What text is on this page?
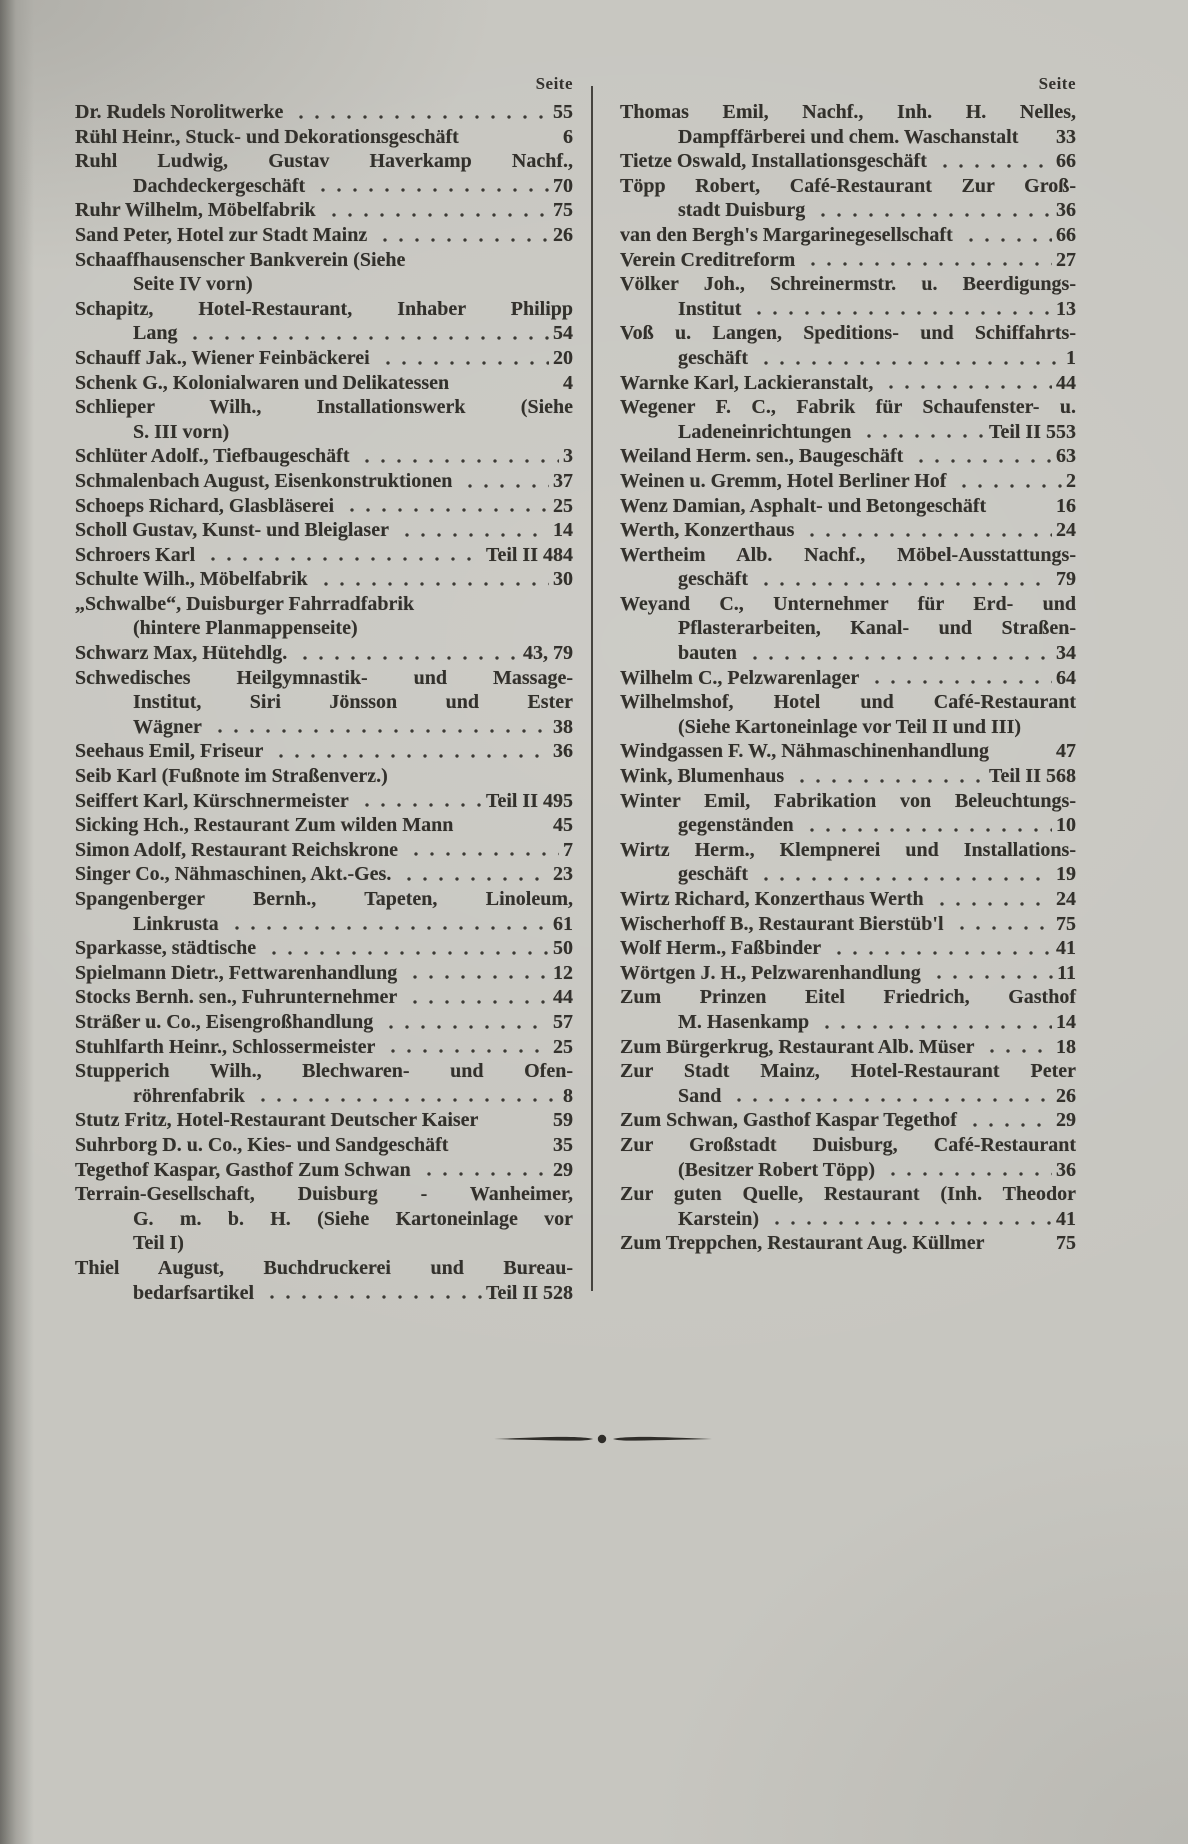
Seite	Seite
Dr. Rudels Norolitwerke	55
Rühl Heinr., Stuck- und Dekorationsgeschäft	6
Ruhl Ludwig, Gustav Haverkamp Nachf.,
Dachdeckergeschäft	70
Ruhr Wilhelm, Möbelfabrik	75
Sand Peter, Hotel zur Stadt Mainz	26
Schaaffhausenscher Bankverein (Siehe
Seite IV vorn)
Schapitz, Hotel-Restaurant, Inhaber Philipp
Lang	54
Schauff Jak., Wiener Feinbäckerei	20
Schenk G., Kolonialwaren und Delikatessen	4
Schlieper Wilh., Installationswerk (Siehe
S. III vorn)
Schlüter Adolf., Tiefbaugeschäft	3
Schmalenbach August, Eisenkonstruktionen	37
Schoeps Richard, Glasbläserei	25
Scholl Gustav, Kunst- und Bleiglaser	14
Schroers Karl	Teil II 484
Schulte Wilh., Möbelfabrik	30
„Schwalbe“, Duisburger Fahrradfabrik
(hintere Planmappenseite)
Schwarz Max, Hütehdlg.	43, 79
Schwedisches Heilgymnastik- und Massage-
Institut, Siri Jönsson und Ester
Wägner	38
Seehaus Emil, Friseur	36
Seib Karl (Fußnote im Straßenverz.)
Seiffert Karl, Kürschnermeister	Teil II 495
Sicking Hch., Restaurant Zum wilden Mann	45
Simon Adolf, Restaurant Reichskrone	7
Singer Co., Nähmaschinen, Akt.-Ges.	23
Spangenberger Bernh., Tapeten, Linoleum,
Linkrusta	61
Sparkasse, städtische	50
Spielmann Dietr., Fettwarenhandlung	12
Stocks Bernh. sen., Fuhrunternehmer	44
Sträßer u. Co., Eisengroßhandlung	57
Stuhlfarth Heinr., Schlossermeister	25
Stupperich Wilh., Blechwaren- und Ofen-
röhrenfabrik	8
Stutz Fritz, Hotel-Restaurant Deutscher Kaiser	59
Suhrborg D. u. Co., Kies- und Sandgeschäft	35
Tegethof Kaspar, Gasthof Zum Schwan	29
Terrain-Gesellschaft, Duisburg - Wanheimer,
G. m. b. H. (Siehe Kartoneinlage vor
Teil I)
Thiel August, Buchdruckerei und Bureau-
bedarfsartikel	Teil II 528
Thomas Emil, Nachf., Inh. H. Nelles,
Dampffärberei und chem. Waschanstalt 33
Tietze Oswald, Installationsgeschäft	66
Töpp Robert, Café-Restaurant Zur Groß-
stadt Duisburg	36
van den Bergh's Margarinegesellschaft	66
Verein Creditreform	27
Völker Joh., Schreinermstr. u. Beerdigungs-
Institut	13
Voß u. Langen, Speditions- und Schiffahrts-
geschäft	1
Warnke Karl, Lackieranstalt,	44
Wegener F. C., Fabrik für Schaufenster- u.
Ladeneinrichtungen	Teil II 553
Weiland Herm. sen., Baugeschäft	63
Weinen u. Gremm, Hotel Berliner Hof	2
Wenz Damian, Asphalt- und Betongeschäft	16
Werth, Konzerthaus	24
Wertheim Alb. Nachf., Möbel-Ausstattungs-
geschäft	79
Weyand C., Unternehmer für Erd- und
Pflasterarbeiten, Kanal- und Straßen-
bauten	34
Wilhelm C., Pelzwarenlager	64
Wilhelmshof, Hotel und Café-Restaurant
(Siehe Kartoneinlage vor Teil II und III)
Windgassen F. W., Nähmaschinenhandlung	47
Wink, Blumenhaus	Teil II 568
Winter Emil, Fabrikation von Beleuchtungs-
gegenständen	10
Wirtz Herm., Klempnerei und Installations-
geschäft	19
Wirtz Richard, Konzerthaus Werth	24
Wischerhoff B., Restaurant Bierstüb'l	75
Wolf Herm., Faßbinder	41
Wörtgen J. H., Pelzwarenhandlung	11
Zum Prinzen Eitel Friedrich, Gasthof
M. Hasenkamp	14
Zum Bürgerkrug, Restaurant Alb. Müser	18
Zur Stadt Mainz, Hotel-Restaurant Peter
Sand	26
Zum Schwan, Gasthof Kaspar Tegethof	29
Zur Großstadt Duisburg, Café-Restaurant
(Besitzer Robert Töpp)	36
Zur guten Quelle, Restaurant (Inh. Theodor
Karstein)	41
Zum Treppchen, Restaurant Aug. Küllmer	75
